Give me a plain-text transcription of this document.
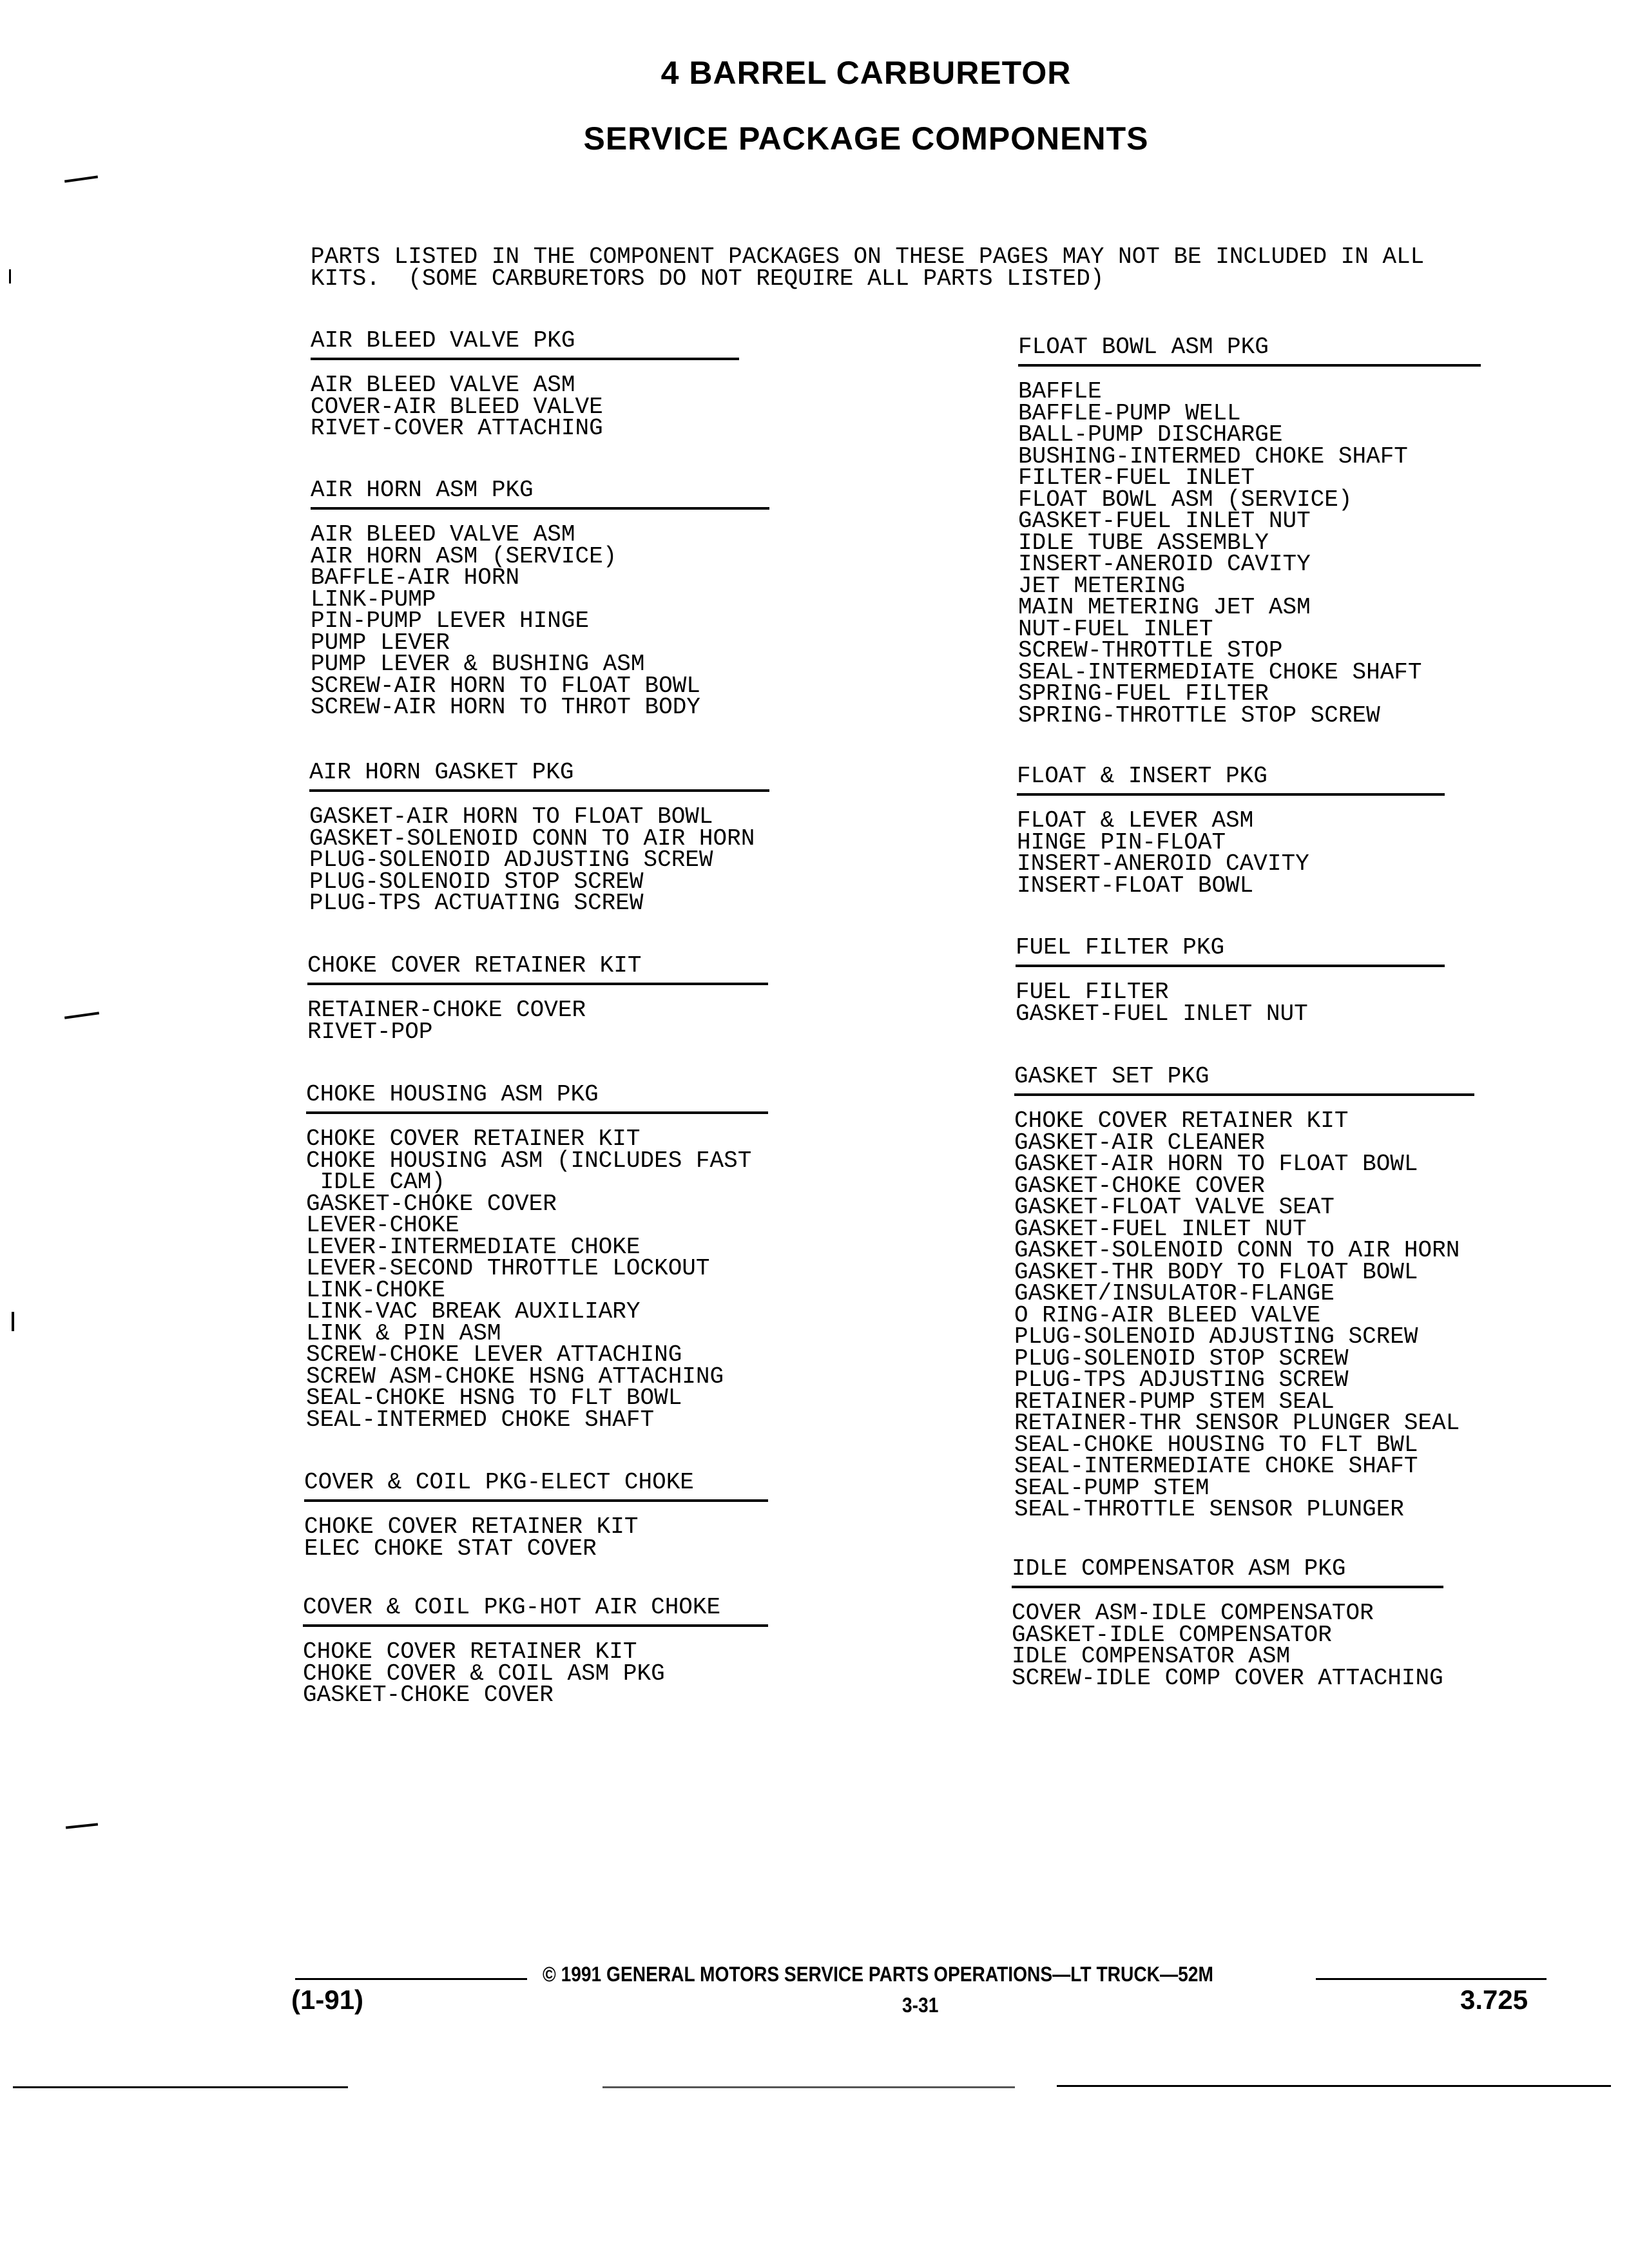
4 BARREL CARBURETOR
SERVICE PACKAGE COMPONENTS
PARTS LISTED IN THE COMPONENT PACKAGES ON THESE PAGES MAY NOT BE INCLUDED IN ALL
KITS.  (SOME CARBURETORS DO NOT REQUIRE ALL PARTS LISTED)
AIR BLEED VALVE PKG
AIR BLEED VALVE ASM
COVER-AIR BLEED VALVE
RIVET-COVER ATTACHING
AIR HORN ASM PKG
AIR BLEED VALVE ASM
AIR HORN ASM (SERVICE)
BAFFLE-AIR HORN
LINK-PUMP
PIN-PUMP LEVER HINGE
PUMP LEVER
PUMP LEVER & BUSHING ASM
SCREW-AIR HORN TO FLOAT BOWL
SCREW-AIR HORN TO THROT BODY
AIR HORN GASKET PKG
GASKET-AIR HORN TO FLOAT BOWL
GASKET-SOLENOID CONN TO AIR HORN
PLUG-SOLENOID ADJUSTING SCREW
PLUG-SOLENOID STOP SCREW
PLUG-TPS ACTUATING SCREW
CHOKE COVER RETAINER KIT
RETAINER-CHOKE COVER
RIVET-POP
CHOKE HOUSING ASM PKG
CHOKE COVER RETAINER KIT
CHOKE HOUSING ASM (INCLUDES FAST
IDLE CAM)
GASKET-CHOKE COVER
LEVER-CHOKE
LEVER-INTERMEDIATE CHOKE
LEVER-SECOND THROTTLE LOCKOUT
LINK-CHOKE
LINK-VAC BREAK AUXILIARY
LINK & PIN ASM
SCREW-CHOKE LEVER ATTACHING
SCREW ASM-CHOKE HSNG ATTACHING
SEAL-CHOKE HSNG TO FLT BOWL
SEAL-INTERMED CHOKE SHAFT
COVER & COIL PKG-ELECT CHOKE
CHOKE COVER RETAINER KIT
ELEC CHOKE STAT COVER
COVER & COIL PKG-HOT AIR CHOKE
CHOKE COVER RETAINER KIT
CHOKE COVER & COIL ASM PKG
GASKET-CHOKE COVER
FLOAT BOWL ASM PKG
BAFFLE
BAFFLE-PUMP WELL
BALL-PUMP DISCHARGE
BUSHING-INTERMED CHOKE SHAFT
FILTER-FUEL INLET
FLOAT BOWL ASM (SERVICE)
GASKET-FUEL INLET NUT
IDLE TUBE ASSEMBLY
INSERT-ANEROID CAVITY
JET METERING
MAIN METERING JET ASM
NUT-FUEL INLET
SCREW-THROTTLE STOP
SEAL-INTERMEDIATE CHOKE SHAFT
SPRING-FUEL FILTER
SPRING-THROTTLE STOP SCREW
FLOAT & INSERT PKG
FLOAT & LEVER ASM
HINGE PIN-FLOAT
INSERT-ANEROID CAVITY
INSERT-FLOAT BOWL
FUEL FILTER PKG
FUEL FILTER
GASKET-FUEL INLET NUT
GASKET SET PKG
CHOKE COVER RETAINER KIT
GASKET-AIR CLEANER
GASKET-AIR HORN TO FLOAT BOWL
GASKET-CHOKE COVER
GASKET-FLOAT VALVE SEAT
GASKET-FUEL INLET NUT
GASKET-SOLENOID CONN TO AIR HORN
GASKET-THR BODY TO FLOAT BOWL
GASKET/INSULATOR-FLANGE
O RING-AIR BLEED VALVE
PLUG-SOLENOID ADJUSTING SCREW
PLUG-SOLENOID STOP SCREW
PLUG-TPS ADJUSTING SCREW
RETAINER-PUMP STEM SEAL
RETAINER-THR SENSOR PLUNGER SEAL
SEAL-CHOKE HOUSING TO FLT BWL
SEAL-INTERMEDIATE CHOKE SHAFT
SEAL-PUMP STEM
SEAL-THROTTLE SENSOR PLUNGER
IDLE COMPENSATOR ASM PKG
COVER ASM-IDLE COMPENSATOR
GASKET-IDLE COMPENSATOR
IDLE COMPENSATOR ASM
SCREW-IDLE COMP COVER ATTACHING
© 1991 GENERAL MOTORS SERVICE PARTS OPERATIONS—LT TRUCK—52M
(1-91)	3-31	3.725
